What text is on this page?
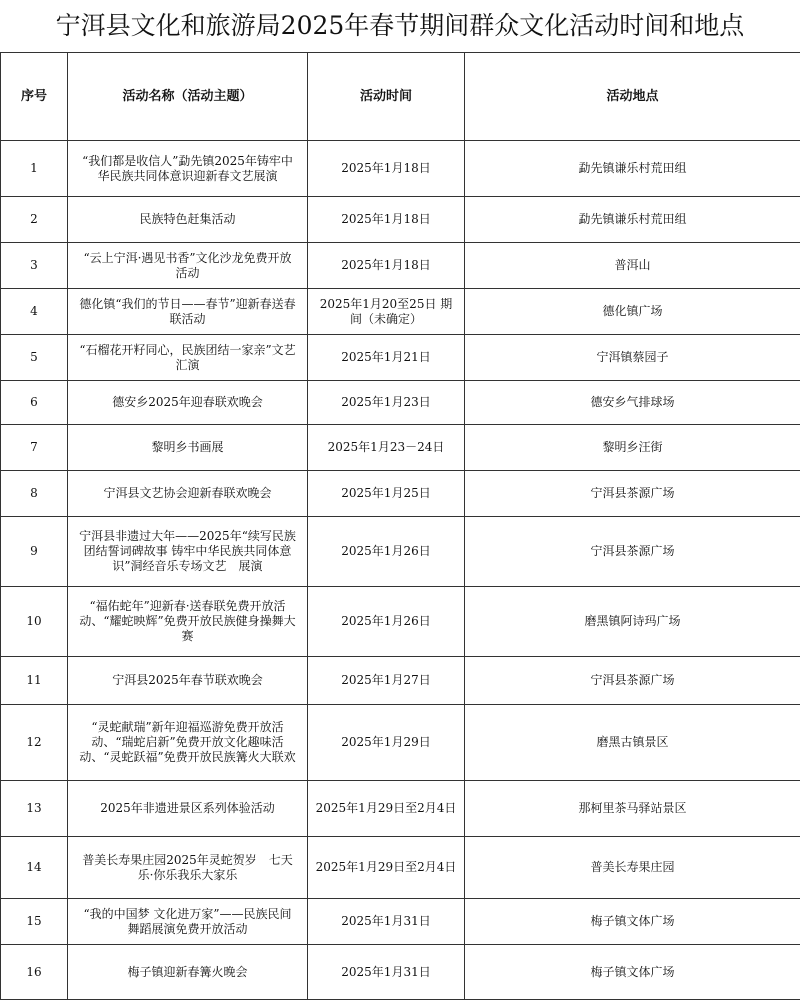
宁洱县文化和旅游局2025年春节期间群众文化活动时间和地点
序号	活动名称（活动主题）	活动时间	活动地点
1	“我们都是收信人”勐先镇2025年铸牢中华民族共同体意识迎新春文艺展演	2025年1月18日	勐先镇谦乐村荒田组
2	民族特色赶集活动	2025年1月18日	勐先镇谦乐村荒田组
3	“云上宁洱·遇见书香”文化沙龙免费开放活动	2025年1月18日	普洱山
4	德化镇“我们的节日——春节”迎新春送春联活动	2025年1月20至25日 期间（未确定）	德化镇广场
5	“石榴花开籽同心，民族团结一家亲”文艺汇演	2025年1月21日	宁洱镇蔡园子
6	德安乡2025年迎春联欢晚会	2025年1月23日	德安乡气排球场
7	黎明乡书画展	2025年1月23－24日	黎明乡汪街
8	宁洱县文艺协会迎新春联欢晚会	2025年1月25日	宁洱县茶源广场
9	宁洱县非遗过大年——2025年“续写民族团结誓词碑故事 铸牢中华民族共同体意识”洞经音乐专场文艺　展演	2025年1月26日	宁洱县茶源广场
10	“福佑蛇年”迎新春·送春联免费开放活动、“耀蛇映辉”免费开放民族健身操舞大赛	2025年1月26日	磨黑镇阿诗玛广场
11	宁洱县2025年春节联欢晚会	2025年1月27日	宁洱县茶源广场
12	“灵蛇献瑞”新年迎福巡游免费开放活动、“瑞蛇启新”免费开放文化趣味活动、“灵蛇跃福”免费开放民族篝火大联欢	2025年1月29日	磨黑古镇景区
13	2025年非遗进景区系列体验活动	2025年1月29日至2月4日	那柯里茶马驿站景区
14	普美长寿果庄园2025年灵蛇贺岁　七天乐·你乐我乐大家乐	2025年1月29日至2月4日	普美长寿果庄园
15	“我的中国梦 文化进万家”——民族民间舞蹈展演免费开放活动	2025年1月31日	梅子镇文体广场
16	梅子镇迎新春篝火晚会	2025年1月31日	梅子镇文体广场
